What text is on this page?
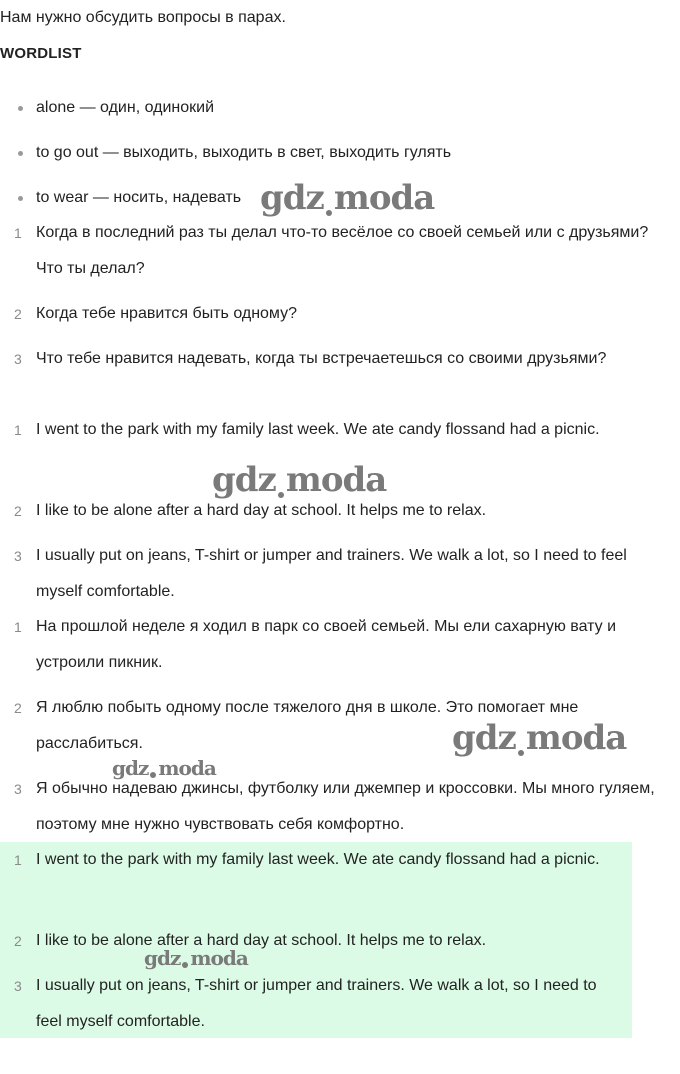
Нам нужно обсудить вопросы в парах.
WORDLIST
alone — один, одинокий
to go out — выходить, выходить в свет, выходить гулять
to wear — носить, надевать
1 Когда в последний раз ты делал что-то весёлое со своей семьей или с друзьями? Что ты делал?
2 Когда тебе нравится быть одному?
3 Что тебе нравится надевать, когда ты встречаетешься со своими друзьями?
1 I went to the park with my family last week. We ate candy flossand had a picnic.
2 I like to be alone after a hard day at school. It helps me to relax.
3 I usually put on jeans, T-shirt or jumper and trainers. We walk a lot, so I need to feel myself comfortable.
1 На прошлой неделе я ходил в парк со своей семьей. Мы ели сахарную вату и устроили пикник.
2 Я люблю побыть одному после тяжелого дня в школе. Это помогает мне расслабиться.
3 Я обычно надеваю джинсы, футболку или джемпер и кроссовки. Мы много гуляем, поэтому мне нужно чувствовать себя комфортно.
1 I went to the park with my family last week. We ate candy flossand had a picnic.
2 I like to be alone after a hard day at school. It helps me to relax.
3 I usually put on jeans, T-shirt or jumper and trainers. We walk a lot, so I need to feel myself comfortable.
gdz moda
gdz moda
gdz moda
gdz moda
gdz moda
